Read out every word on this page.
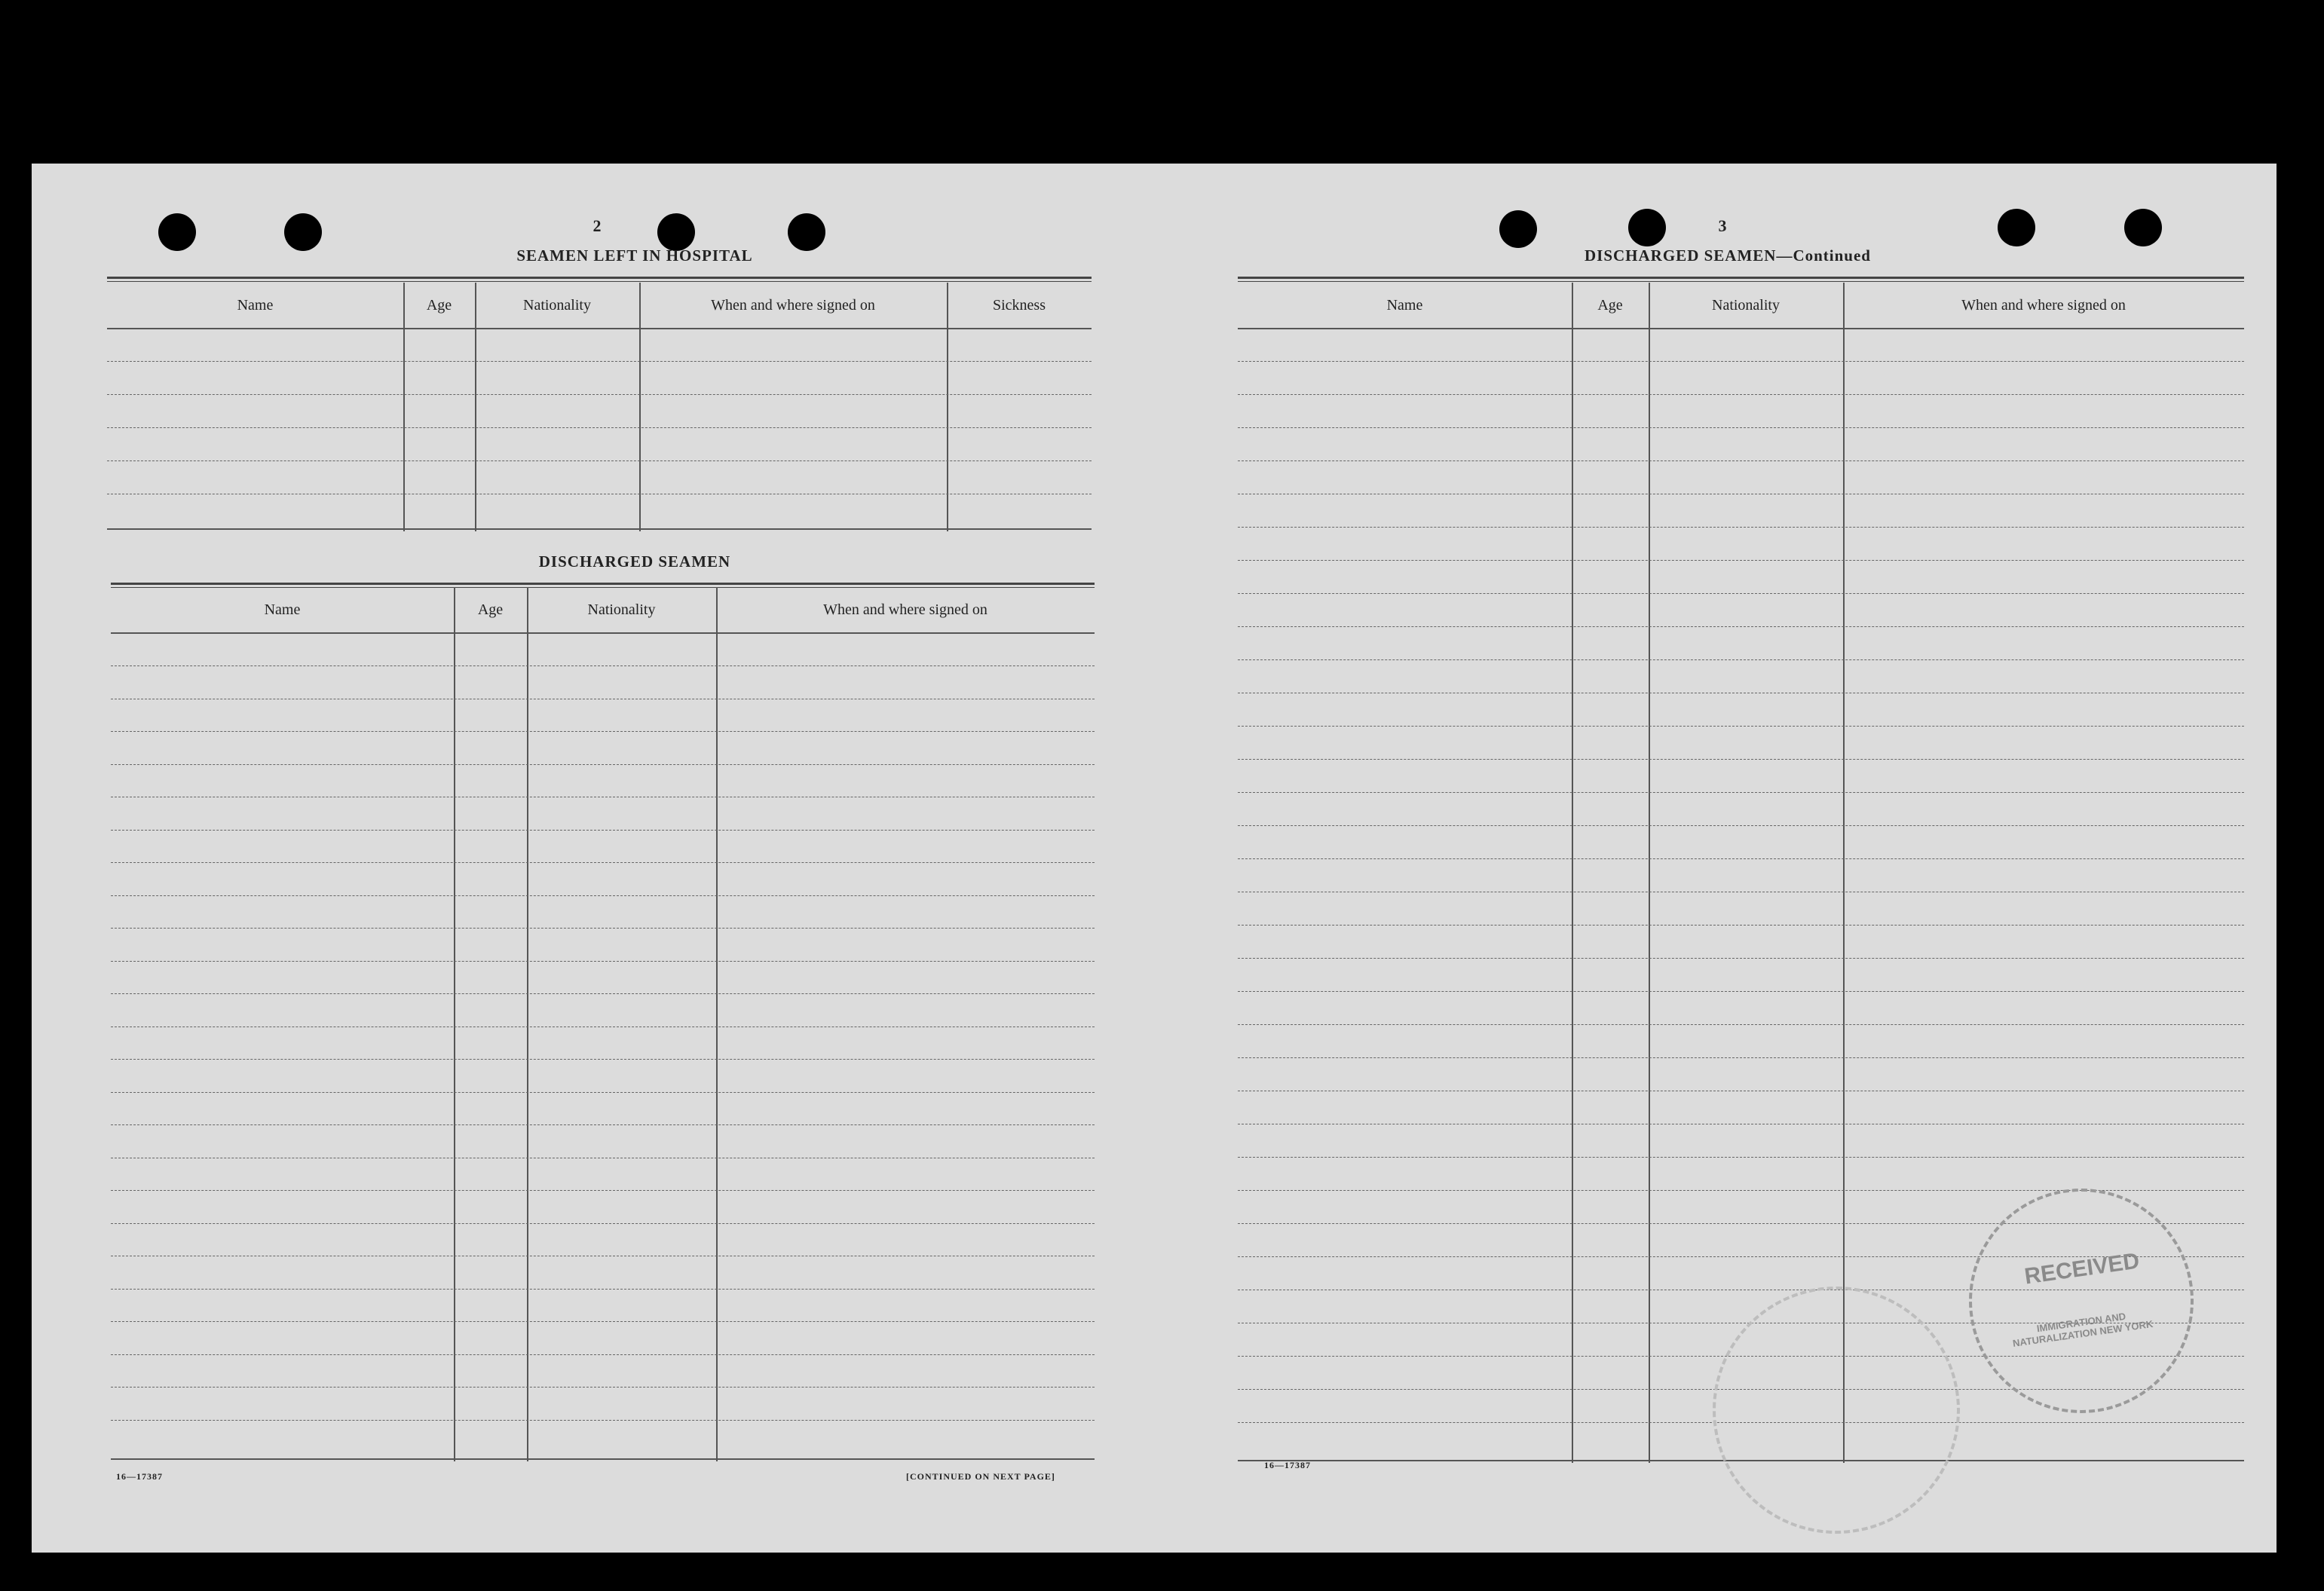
2
SEAMEN LEFT IN HOSPITAL
Name	Age	Nationality	When and where signed on	Sickness
DISCHARGED SEAMEN
Name	Age	Nationality	When and where signed on
16—17387	[CONTINUED ON NEXT PAGE]
3
DISCHARGED SEAMEN—Continued
Name	Age	Nationality	When and where signed on
16—17387
RECEIVED
IMMIGRATION AND NATURALIZATION NEW YORK
